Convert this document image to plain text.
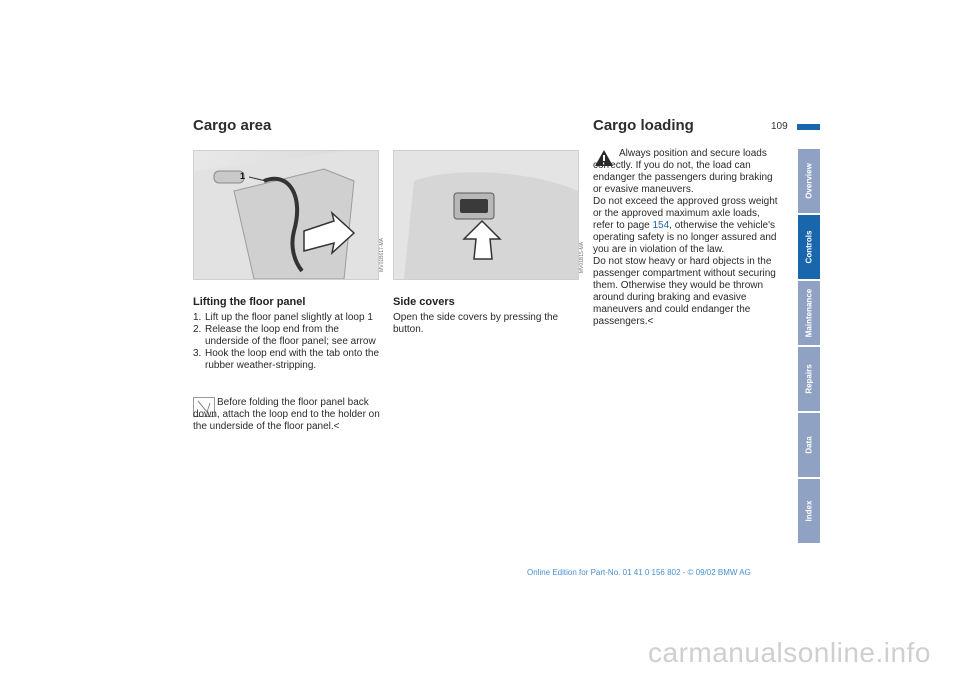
109
Cargo area
1
MV01B617-MA	MV01B15-MA
Lifting the floor panel
1. Lift up the floor panel slightly at loop 1
2. Release the loop end from the underside of the floor panel; see arrow
3. Hook the loop end with the tab onto the rubber weather-stripping.
Before folding the floor panel back down, attach the loop end to the holder on the underside of the floor panel.<
Side covers
Open the side covers by pressing the button.
Cargo loading

Always position and secure loads correctly. If you do not, the load can endanger the passengers during braking or evasive maneuvers.

Do not exceed the approved gross weight or the approved maximum axle loads, refer to page 154, otherwise the vehicle's operating safety is no longer assured and you are in violation of the law.

Do not stow heavy or hard objects in the passenger compartment without securing them. Otherwise they would be thrown around during braking and evasive maneuvers and could endanger the passengers.<

Overview
Controls
Maintenance
Repairs
Data
Index
Online Edition for Part-No. 01 41 0 156 802 - © 09/02 BMW AG
carmanualsonline.info
